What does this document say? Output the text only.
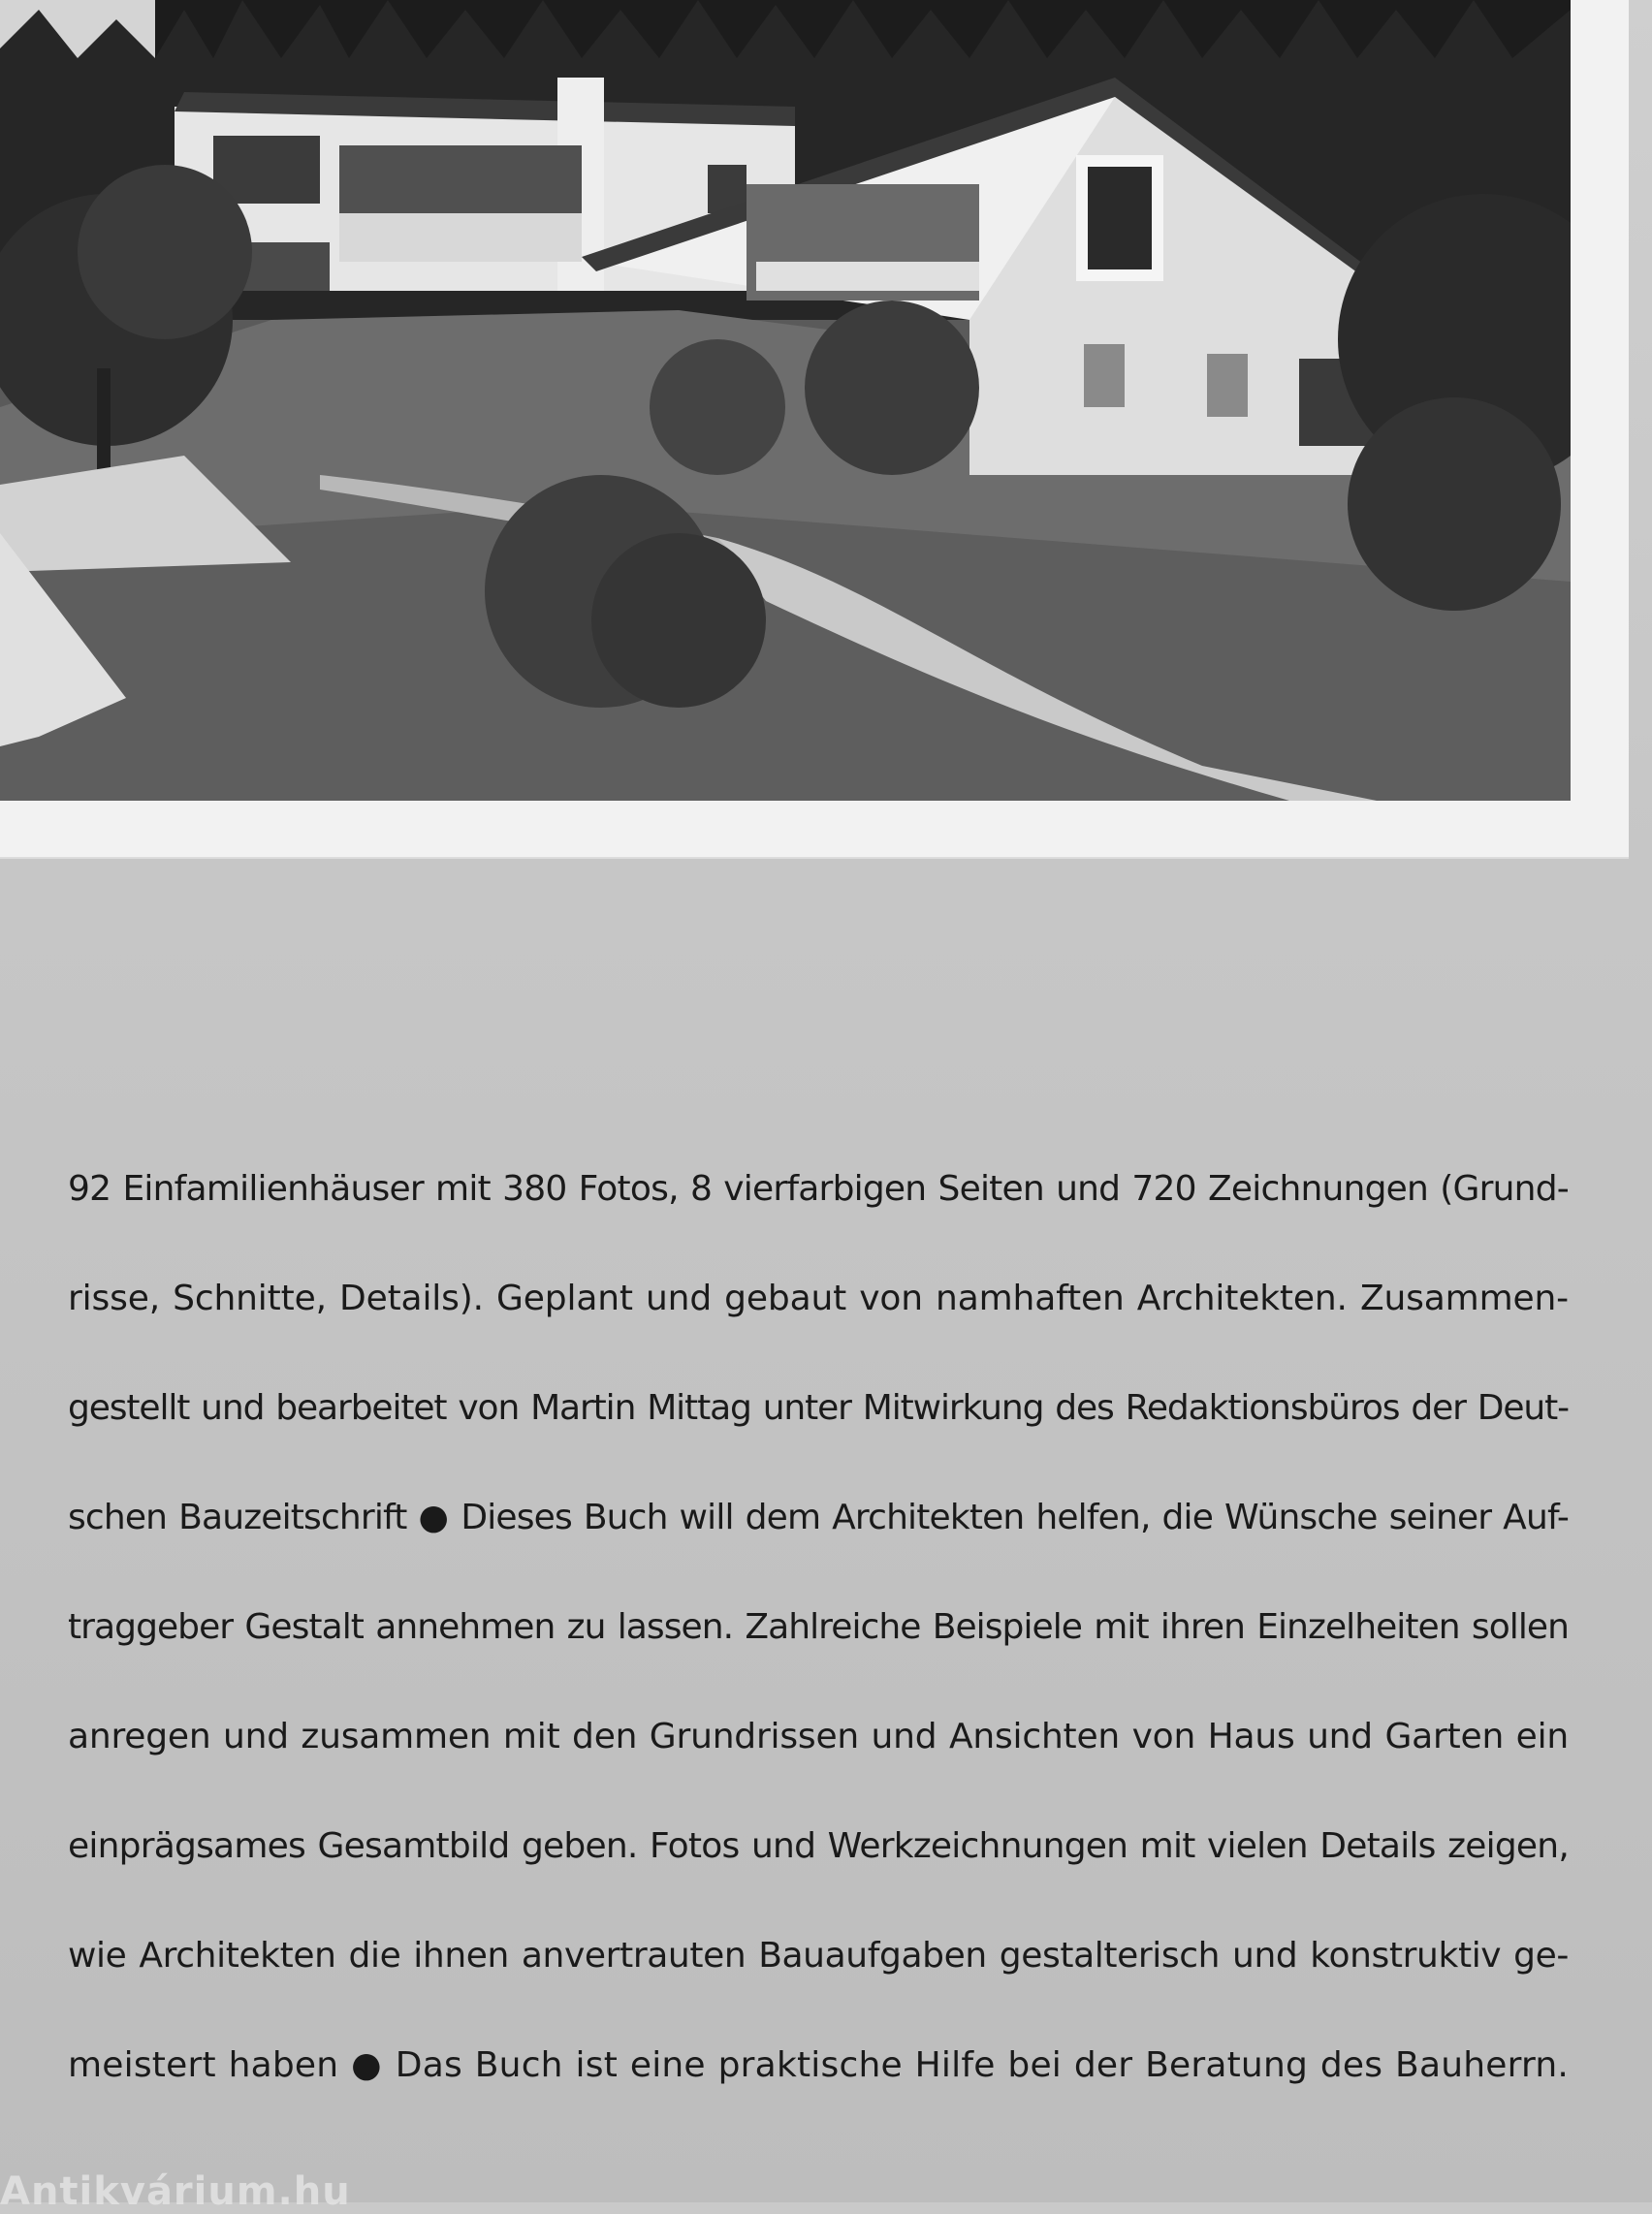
92 Einfamilienhäuser mit 380 Fotos, 8 vierfarbigen Seiten und 720 Zeichnungen (Grund-
risse, Schnitte, Details). Geplant und gebaut von namhaften Architekten. Zusammen-
gestellt und bearbeitet von Martin Mittag unter Mitwirkung des Redaktionsbüros der Deut-
schen Bauzeitschrift ● Dieses Buch will dem Architekten helfen, die Wünsche seiner Auf-
traggeber Gestalt annehmen zu lassen. Zahlreiche Beispiele mit ihren Einzelheiten sollen
anregen und zusammen mit den Grundrissen und Ansichten von Haus und Garten ein
einprägsames Gesamtbild geben. Fotos und Werkzeichnungen mit vielen Details zeigen,
wie Architekten die ihnen anvertrauten Bauaufgaben gestalterisch und konstruktiv ge-
meistert haben ● Das Buch ist eine praktische Hilfe bei der Beratung des Bauherrn.
Antikvárium.hu
